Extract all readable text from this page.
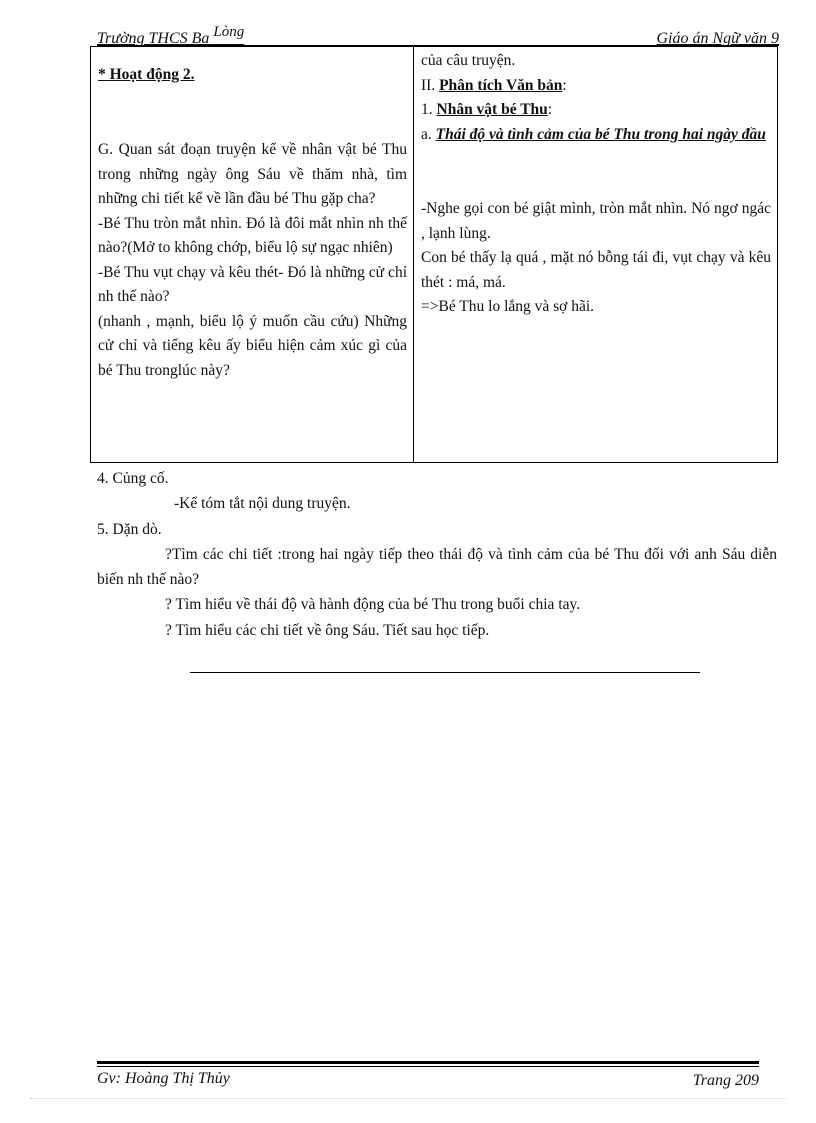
Trường THCS Ba Lòng	Giáo án Ngữ văn 9
* Hoạt động 2.
G. Quan sát đoạn truyện kể về nhân vật bé Thu trong những ngày ông Sáu về thăm nhà, tìm những chi tiết kể về lần đầu bé Thu gặp cha?
-Bé Thu tròn mắt nhìn. Đó là đôi mắt nhìn nh thế nào?(Mở to không chớp, biểu lộ sự ngạc nhiên)
-Bé Thu vụt chạy và kêu thét- Đó là những cử chỉ nh thế nào?
(nhanh , mạnh, biểu lộ ý muốn cầu cứu) Những cử chỉ và tiếng kêu ấy biểu hiện cảm xúc gì của bé Thu tronglúc này?
của câu truyện.
II. Phân tích Văn bản:
1. Nhân vật bé Thu:
a. Thái độ và tình cảm của bé Thu trong hai ngày đầu
-Nghe gọi con bé giật mình, tròn mắt nhìn. Nó ngơ ngác , lạnh lùng.
Con bé thấy lạ quá , mặt nó bỗng tái đi, vụt chạy và kêu thét : má, má.
=>Bé Thu lo lắng và sợ hãi.
4. Củng cố.
-Kể tóm tắt nội dung truyện.
5. Dặn dò.
?Tìm các chi tiết :trong hai ngày tiếp theo thái độ và tình cảm của bé Thu đối với anh Sáu diễn biến nh thế nào?
? Tìm hiểu về thái độ và hành động của bé Thu trong buổi chia tay.
? Tìm hiểu các chi tiết về ông Sáu. Tiết sau học tiếp.
Gv: Hoàng Thị Thủy	Trang 209
